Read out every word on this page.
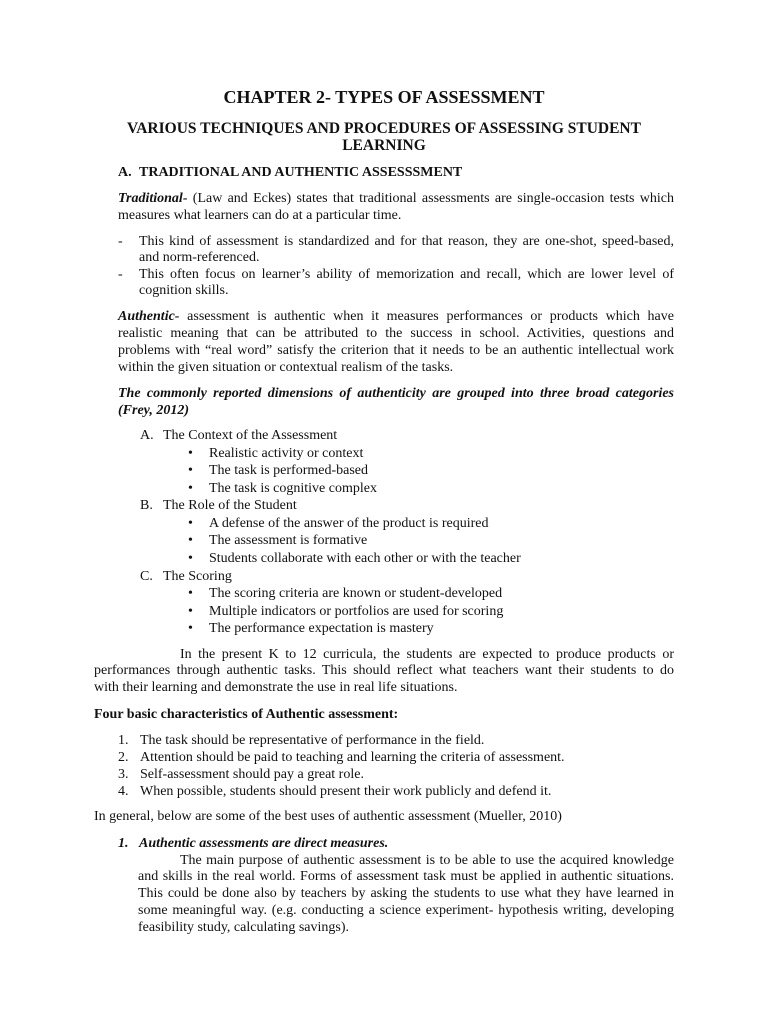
CHAPTER 2- TYPES OF ASSESSMENT
VARIOUS TECHNIQUES AND PROCEDURES OF ASSESSING STUDENT LEARNING
A. TRADITIONAL AND AUTHENTIC ASSESSSMENT
Traditional- (Law and Eckes) states that traditional assessments are single-occasion tests which
measures what learners can do at a particular time.
-	This kind of assessment is standardized and for that reason, they are one-shot, speed-based,
and norm-referenced.
-	This often focus on learner’s ability of memorization and recall, which are lower level of
cognition skills.
Authentic- assessment is authentic when it measures performances or products which have
realistic meaning that can be attributed to the success in school. Activities, questions and
problems with “real word” satisfy the criterion that it needs to be an authentic intellectual work
within the given situation or contextual realism of the tasks.
The commonly reported dimensions of authenticity are grouped into three broad categories
(Frey, 2012)
A. The Context of the Assessment
•	Realistic activity or context
•	The task is performed-based
•	The task is cognitive complex
B. The Role of the Student
•	A defense of the answer of the product is required
•	The assessment is formative
•	Students collaborate with each other or with the teacher
C. The Scoring
•	The scoring criteria are known or student-developed
•	Multiple indicators or portfolios are used for scoring
•	The performance expectation is mastery
In the present K to 12 curricula, the students are expected to produce products or
performances through authentic tasks. This should reflect what teachers want their students to do
with their learning and demonstrate the use in real life situations.
Four basic characteristics of Authentic assessment:
1. The task should be representative of performance in the field.
2. Attention should be paid to teaching and learning the criteria of assessment.
3. Self-assessment should pay a great role.
4. When possible, students should present their work publicly and defend it.
In general, below are some of the best uses of authentic assessment (Mueller, 2010)
1. Authentic assessments are direct measures.
The main purpose of authentic assessment is to be able to use the acquired knowledge
and skills in the real world. Forms of assessment task must be applied in authentic situations.
This could be done also by teachers by asking the students to use what they have learned in
some meaningful way. (e.g. conducting a science experiment- hypothesis writing, developing
feasibility study, calculating savings).
